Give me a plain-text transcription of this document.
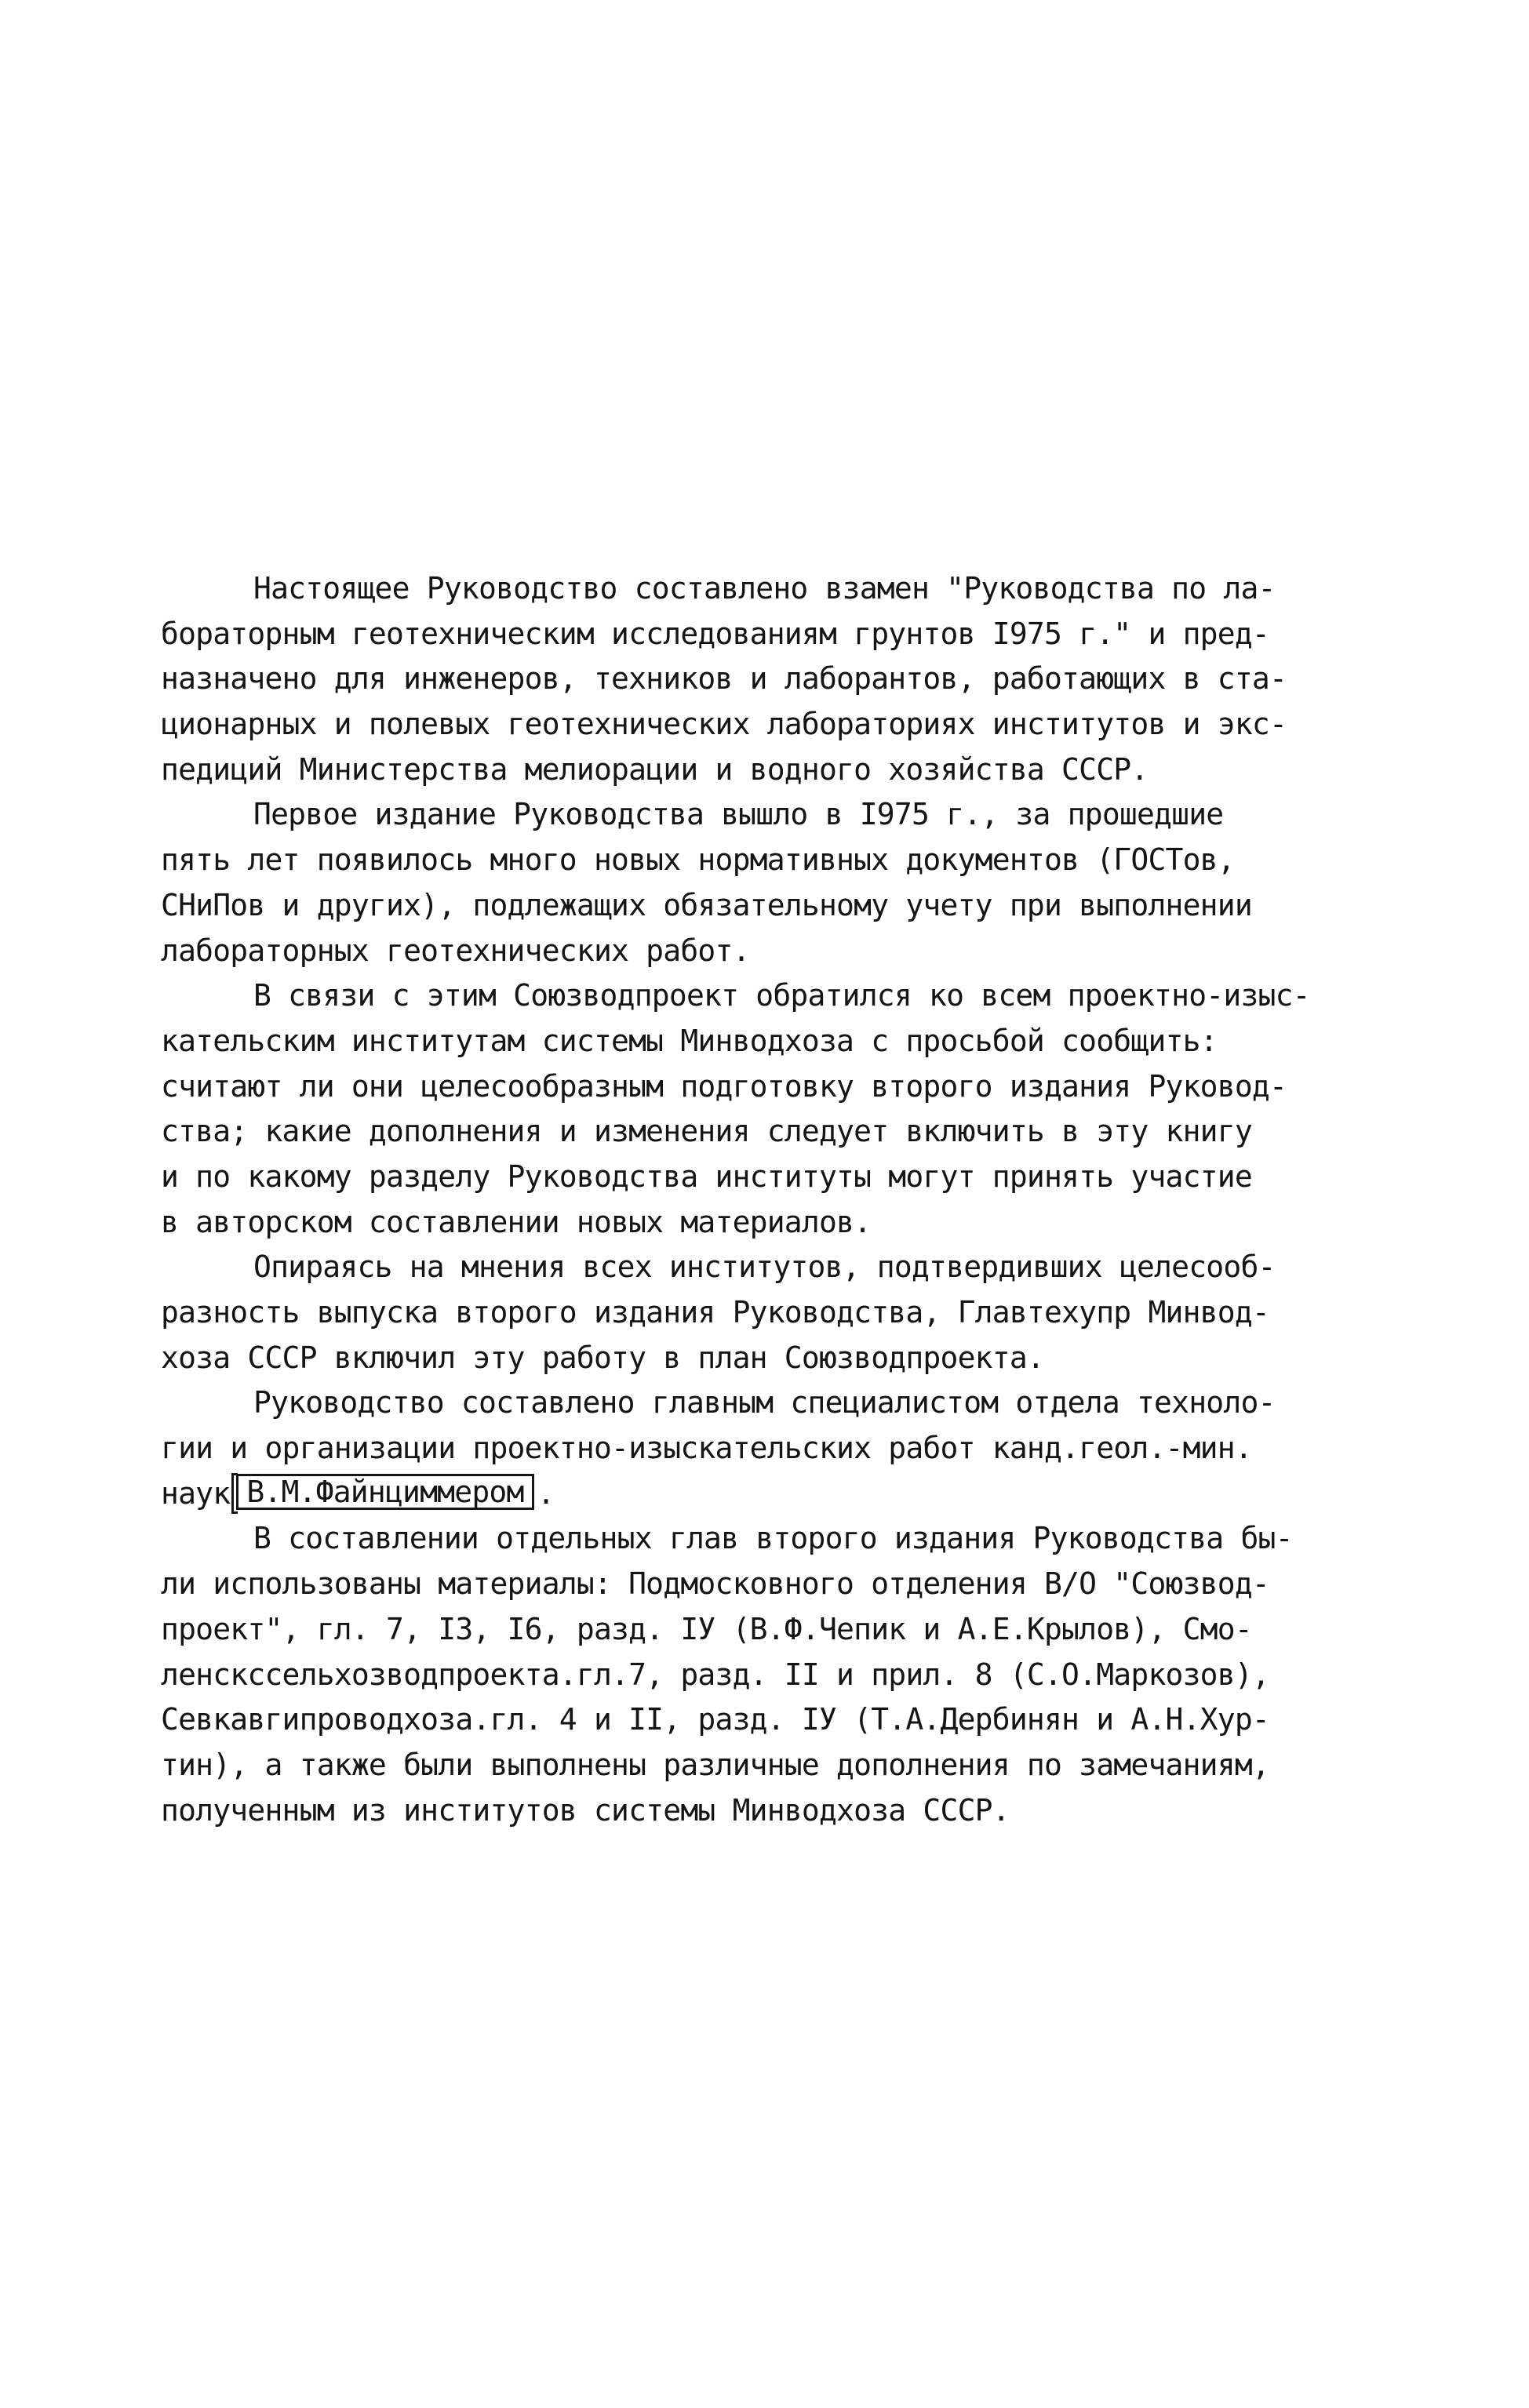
Настоящее Руководство составлено взамен "Руководства по ла-
бораторным геотехническим исследованиям грунтов I975 г." и пред-
назначено для инженеров, техников и лаборантов, работающих в ста-
ционарных и полевых геотехнических лабораториях институтов и экс-
педиций Министерства мелиорации и водного хозяйства СССР.
Первое издание Руководства вышло в I975 г., за прошедшие
пять лет появилось много новых нормативных документов (ГОСТов,
СНиПов и других), подлежащих обязательному учету при выполнении
лабораторных геотехнических работ.
В связи с этим Союзводпроект обратился ко всем проектно-изыс-
кательским институтам системы Минводхоза с просьбой сообщить:
считают ли они целесообразным подготовку второго издания Руковод-
ства; какие дополнения и изменения следует включить в эту книгу
и по какому разделу Руководства институты могут принять участие
в авторском составлении новых материалов.
Опираясь на мнения всех институтов, подтвердивших целесооб-
разность выпуска второго издания Руководства, Главтехупр Минвод-
хоза СССР включил эту работу в план Союзводпроекта.
Руководство составлено главным специалистом отдела техноло-
гии и организации проектно-изыскательских работ канд.геол.-мин.
наук В.М.Файнциммером .
В составлении отдельных глав второго издания Руководства бы-
ли использованы материалы: Подмосковного отделения В/О "Союзвод-
проект", гл. 7, I3, I6, разд. IУ (В.Ф.Чепик и А.Е.Крылов), Смо-
ленскссельхозводпроекта.гл.7, разд. II и прил. 8 (С.О.Маркозов),
Севкавгипроводхоза.гл. 4 и II, разд. IУ (Т.А.Дербинян и А.Н.Хур-
тин), а также были выполнены различные дополнения по замечаниям,
полученным из институтов системы Минводхоза СССР.
